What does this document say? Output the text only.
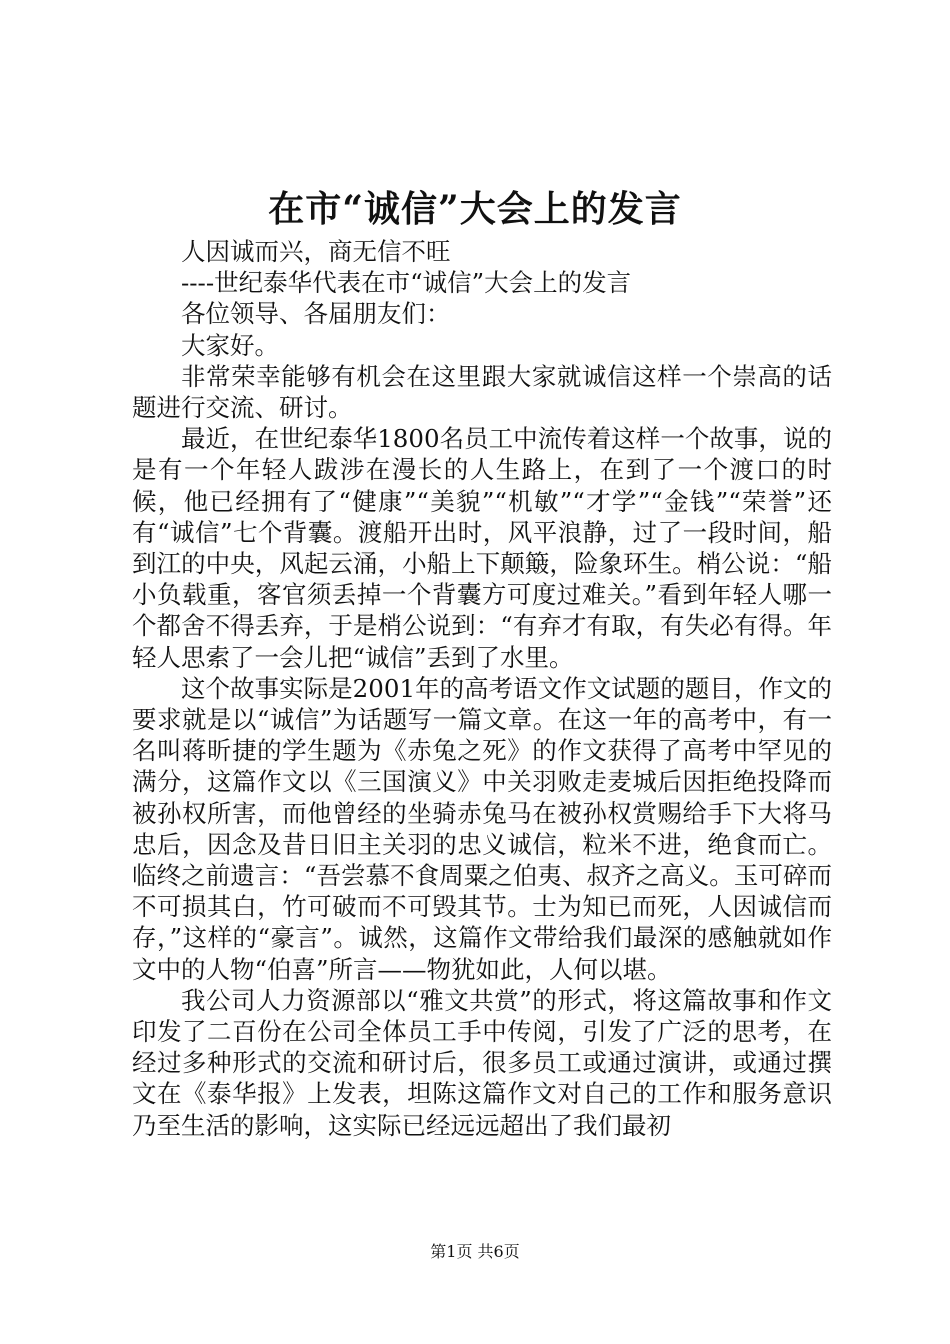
在市“诚信”大会上的发言

人因诚而兴，商无信不旺

----世纪泰华代表在市“诚信”大会上的发言

各位领导、各届朋友们：

大家好。

非常荣幸能够有机会在这里跟大家就诚信这样一个崇高的话题进行交流、研讨。

最近，在世纪泰华1800名员工中流传着这样一个故事，说的是有一个年轻人跋涉在漫长的人生路上，在到了一个渡口的时候，他已经拥有了“健康”“美貌”“机敏”“才学”“金钱”“荣誉”还有“诚信”七个背囊。渡船开出时，风平浪静，过了一段时间，船到江的中央，风起云涌，小船上下颠簸，险象环生。梢公说：“船小负载重，客官须丢掉一个背囊方可度过难关。”看到年轻人哪一个都舍不得丢弃，于是梢公说到：“有弃才有取，有失必有得。年轻人思索了一会儿把“诚信”丢到了水里。

这个故事实际是2001年的高考语文作文试题的题目，作文的要求就是以“诚信”为话题写一篇文章。在这一年的高考中，有一名叫蒋昕捷的学生题为《赤兔之死》的作文获得了高考中罕见的满分，这篇作文以《三国演义》中关羽败走麦城后因拒绝投降而被孙权所害，而他曾经的坐骑赤兔马在被孙权赏赐给手下大将马忠后，因念及昔日旧主关羽的忠义诚信，粒米不进，绝食而亡。临终之前遗言：“吾尝慕不食周粟之伯夷、叔齐之高义。玉可碎而不可损其白，竹可破而不可毁其节。士为知已而死，人因诚信而存，”这样的“豪言”。诚然，这篇作文带给我们最深的感触就如作文中的人物“伯喜”所言——物犹如此，人何以堪。

我公司人力资源部以“雅文共赏”的形式，将这篇故事和作文印发了二百份在公司全体员工手中传阅，引发了广泛的思考，在经过多种形式的交流和研讨后，很多员工或通过演讲，或通过撰文在《泰华报》上发表，坦陈这篇作文对自己的工作和服务意识乃至生活的影响，这实际已经远远超出了我们最初

第1页 共6页
